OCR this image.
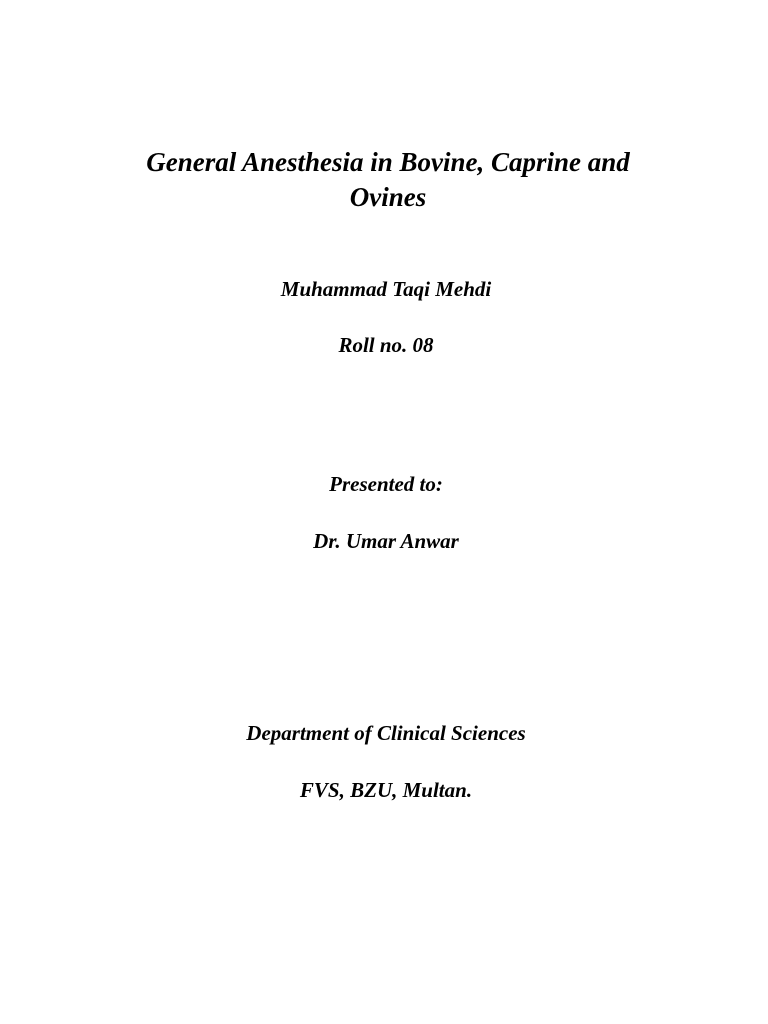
General Anesthesia in Bovine, Caprine and
Ovines
Muhammad Taqi Mehdi
Roll no. 08
Presented to:
Dr. Umar Anwar
Department of Clinical Sciences
FVS, BZU, Multan.
